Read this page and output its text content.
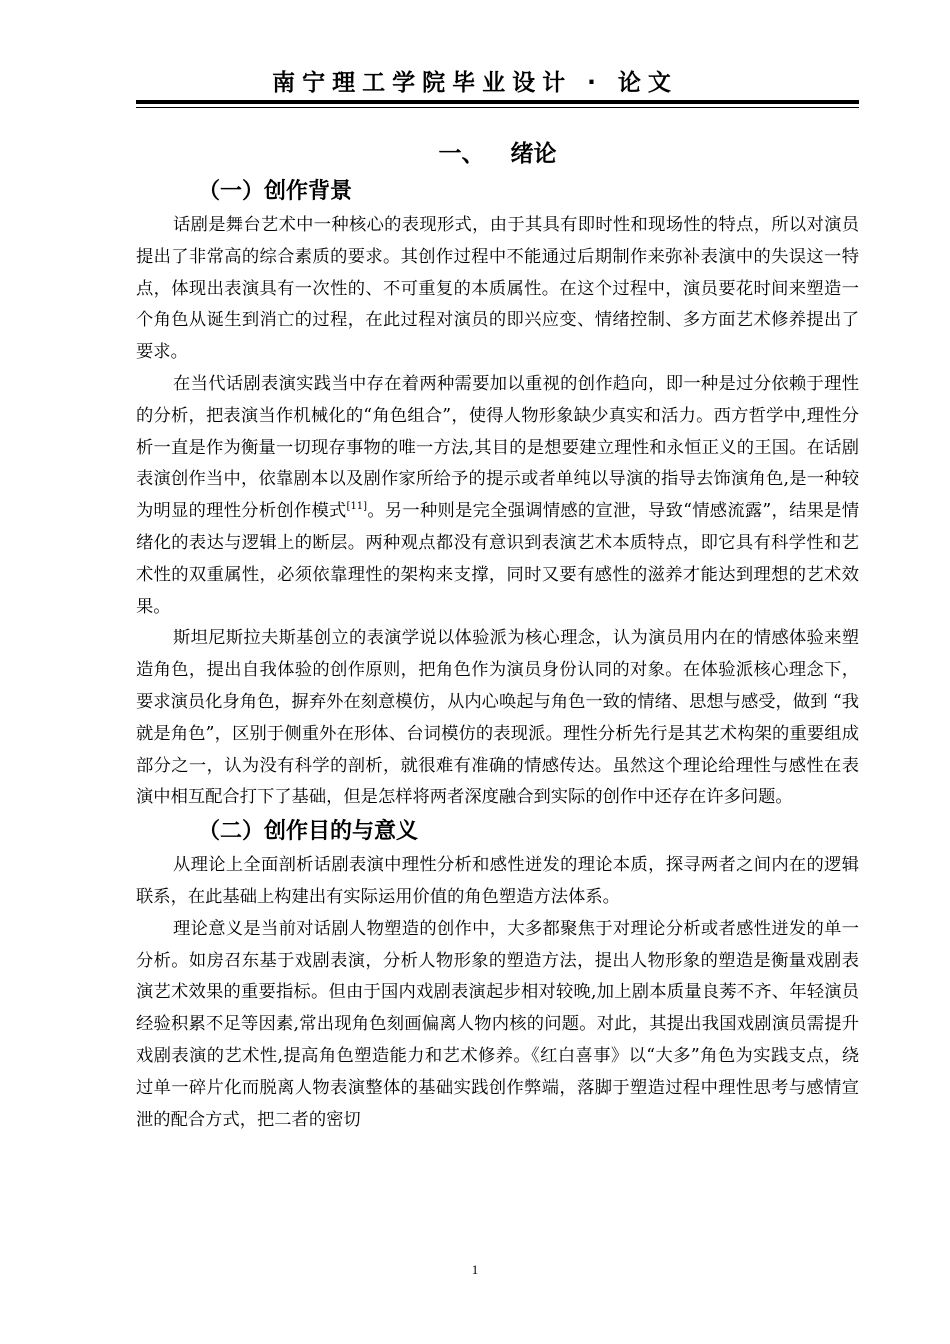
南宁理工学院毕业设计 · 论文
一、 绪论
（一）创作背景

话剧是舞台艺术中一种核心的表现形式，由于其具有即时性和现场性的特点，所以对演员提出了非常高的综合素质的要求。其创作过程中不能通过后期制作来弥补表演中的失误这一特点，体现出表演具有一次性的、不可重复的本质属性。在这个过程中，演员要花时间来塑造一个角色从诞生到消亡的过程，在此过程对演员的即兴应变、情绪控制、多方面艺术修养提出了要求。

在当代话剧表演实践当中存在着两种需要加以重视的创作趋向，即一种是过分依赖于理性的分析，把表演当作机械化的“角色组合”，使得人物形象缺少真实和活力。西方哲学中,理性分析一直是作为衡量一切现存事物的唯一方法,其目的是想要建立理性和永恒正义的王国。在话剧表演创作当中，依靠剧本以及剧作家所给予的提示或者单纯以导演的指导去饰演角色,是一种较为明显的理性分析创作模式[11]。另一种则是完全强调情感的宣泄，导致“情感流露”，结果是情绪化的表达与逻辑上的断层。两种观点都没有意识到表演艺术本质特点，即它具有科学性和艺术性的双重属性，必须依靠理性的架构来支撑，同时又要有感性的滋养才能达到理想的艺术效果。

斯坦尼斯拉夫斯基创立的表演学说以体验派为核心理念，认为演员用内在的情感体验来塑造角色，提出自我体验的创作原则，把角色作为演员身份认同的对象。在体验派核心理念下，要求演员化身角色，摒弃外在刻意模仿，从内心唤起与角色一致的情绪、思想与感受，做到 “我就是角色”，区别于侧重外在形体、台词模仿的表现派。理性分析先行是其艺术构架的重要组成部分之一，认为没有科学的剖析，就很难有准确的情感传达。虽然这个理论给理性与感性在表演中相互配合打下了基础，但是怎样将两者深度融合到实际的创作中还存在许多问题。

（二）创作目的与意义

从理论上全面剖析话剧表演中理性分析和感性迸发的理论本质，探寻两者之间内在的逻辑联系，在此基础上构建出有实际运用价值的角色塑造方法体系。

理论意义是当前对话剧人物塑造的创作中，大多都聚焦于对理论分析或者感性迸发的单一分析。如房召东基于戏剧表演，分析人物形象的塑造方法，提出人物形象的塑造是衡量戏剧表演艺术效果的重要指标。但由于国内戏剧表演起步相对较晚,加上剧本质量良莠不齐、年轻演员经验积累不足等因素,常出现角色刻画偏离人物内核的问题。对此，其提出我国戏剧演员需提升戏剧表演的艺术性,提高角色塑造能力和艺术修养。《红白喜事》以“大多”角色为实践支点，绕过单一碎片化而脱离人物表演整体的基础实践创作弊端，落脚于塑造过程中理性思考与感情宣泄的配合方式，把二者的密切

1
